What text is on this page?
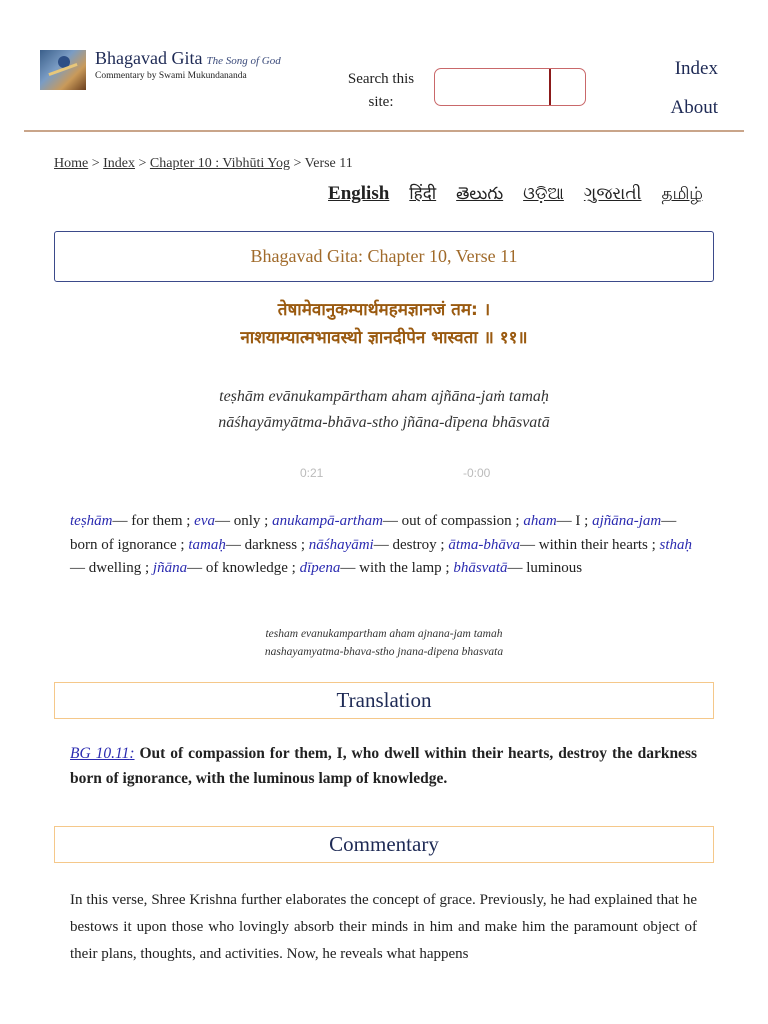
Bhagavad Gita The Song of God
Commentary by Swami Mukundananda	Search this site:
Index
About
Home > Index > Chapter 10 : Vibhūti Yog > Verse 11
English हिंदी తెలుగు ଓଡ଼ିଆ ગુજરાતી தமிழ்
Bhagavad Gita: Chapter 10, Verse 11
तेषामेवानुकम्पार्थमहमज्ञानजं तम: ।
नाशयाम्यात्मभावस्थो ज्ञानदीपेन भास्वता ॥ ११॥
teṣhām evānukampārtham aham ajñāna-jaṁ tamaḥ
nāśhayāmyātma-bhāva-stho jñāna-dīpena bhāsvatā
0:21	-0:00
teṣhām— for them ; eva— only ; anukampā-artham— out of compassion ; aham— I ; ajñāna-jam— born of ignorance ; tamaḥ— darkness ; nāśhayāmi— destroy ; ātma-bhāva— within their hearts ; sthaḥ— dwelling ; jñāna— of knowledge ; dīpena— with the lamp ; bhāsvatā— luminous
tesham evanukampartham aham ajnana-jam tamah
nashayamyatma-bhava-stho jnana-dipena bhasvata
Translation
BG 10.11: Out of compassion for them, I, who dwell within their hearts, destroy the darkness born of ignorance, with the luminous lamp of knowledge.
Commentary
In this verse, Shree Krishna further elaborates the concept of grace. Previously, he had explained that he bestows it upon those who lovingly absorb their minds in him and make him the paramount object of their plans, thoughts, and activities. Now, he reveals what happens
